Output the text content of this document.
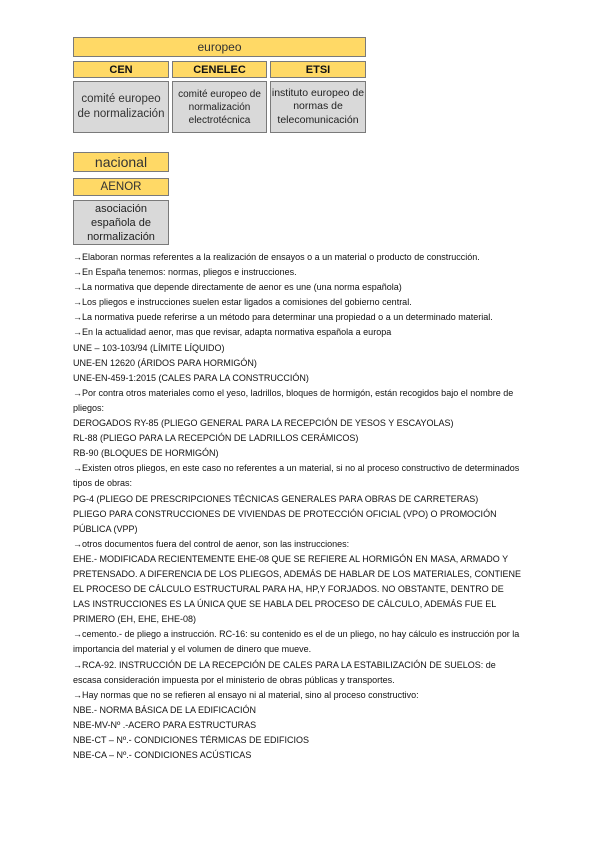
europeo
CEN	CENELEC	ETSI
comité europeo de normalización
comité europeo de normalización electrotécnica
instituto europeo de normas de telecomunicación
nacional
AENOR
asociación española de normalización
→Elaboran normas referentes a la realización de ensayos o a un material o producto de construcción.
→En España tenemos: normas, pliegos e instrucciones.
→La normativa que depende directamente de aenor es une (una norma española)
→Los pliegos e instrucciones suelen estar ligados a comisiones del gobierno central.
→La normativa puede referirse a un método para determinar una propiedad o a un determinado material.
→En la actualidad aenor, mas que revisar, adapta normativa española a europa
UNE – 103-103/94 (LÍMITE LÍQUIDO)
UNE-EN 12620 (ÁRIDOS PARA HORMIGÓN)
UNE-EN-459-1:2015 (CALES PARA LA CONSTRUCCIÓN)
→Por contra otros materiales como el yeso, ladrillos, bloques de hormigón, están recogidos bajo el nombre de pliegos:
DEROGADOS RY-85 (PLIEGO GENERAL PARA LA RECEPCIÓN DE YESOS Y ESCAYOLAS)
RL-88 (PLIEGO PARA LA RECEPCIÓN DE LADRILLOS CERÁMICOS)
RB-90 (BLOQUES DE HORMIGÓN)
→Existen otros pliegos, en este caso no referentes a un material, si no al proceso constructivo de determinados tipos de obras:
PG-4 (PLIEGO DE PRESCRIPCIONES TÉCNICAS GENERALES PARA OBRAS DE CARRETERAS)
PLIEGO PARA CONSTRUCCIONES DE VIVIENDAS DE PROTECCIÓN OFICIAL (VPO) O PROMOCIÓN PÚBLICA (VPP)
→otros documentos fuera del control de aenor, son las instrucciones:
EHE.- MODIFICADA RECIENTEMENTE EHE-08 QUE SE REFIERE AL HORMIGÓN EN MASA, ARMADO Y PRETENSADO. A DIFERENCIA DE LOS PLIEGOS, ADEMÁS DE HABLAR DE LOS MATERIALES, CONTIENE EL PROCESO DE CÁLCULO ESTRUCTURAL PARA HA, HP,Y FORJADOS. NO OBSTANTE, DENTRO DE LAS INSTRUCCIONES ES LA ÚNICA QUE SE HABLA DEL PROCESO DE CÁLCULO, ADEMÁS FUE EL PRIMERO (EH, EHE, EHE-08)
→cemento.- de pliego a instrucción. RC-16: su contenido es el de un pliego, no hay cálculo es instrucción por la importancia del material y el volumen de dinero que mueve.
→RCA-92. INSTRUCCIÓN DE LA RECEPCIÓN DE CALES PARA LA ESTABILIZACIÓN DE SUELOS: de escasa consideración impuesta por el ministerio de obras públicas y transportes.
→Hay normas que no se refieren al ensayo ni al material, sino al proceso constructivo:
NBE.- NORMA BÁSICA DE LA EDIFICACIÓN
NBE-MV-Nº .-ACERO PARA ESTRUCTURAS
NBE-CT – Nº.- CONDICIONES TÉRMICAS DE EDIFICIOS
NBE-CA – Nº.- CONDICIONES ACÚSTICAS
